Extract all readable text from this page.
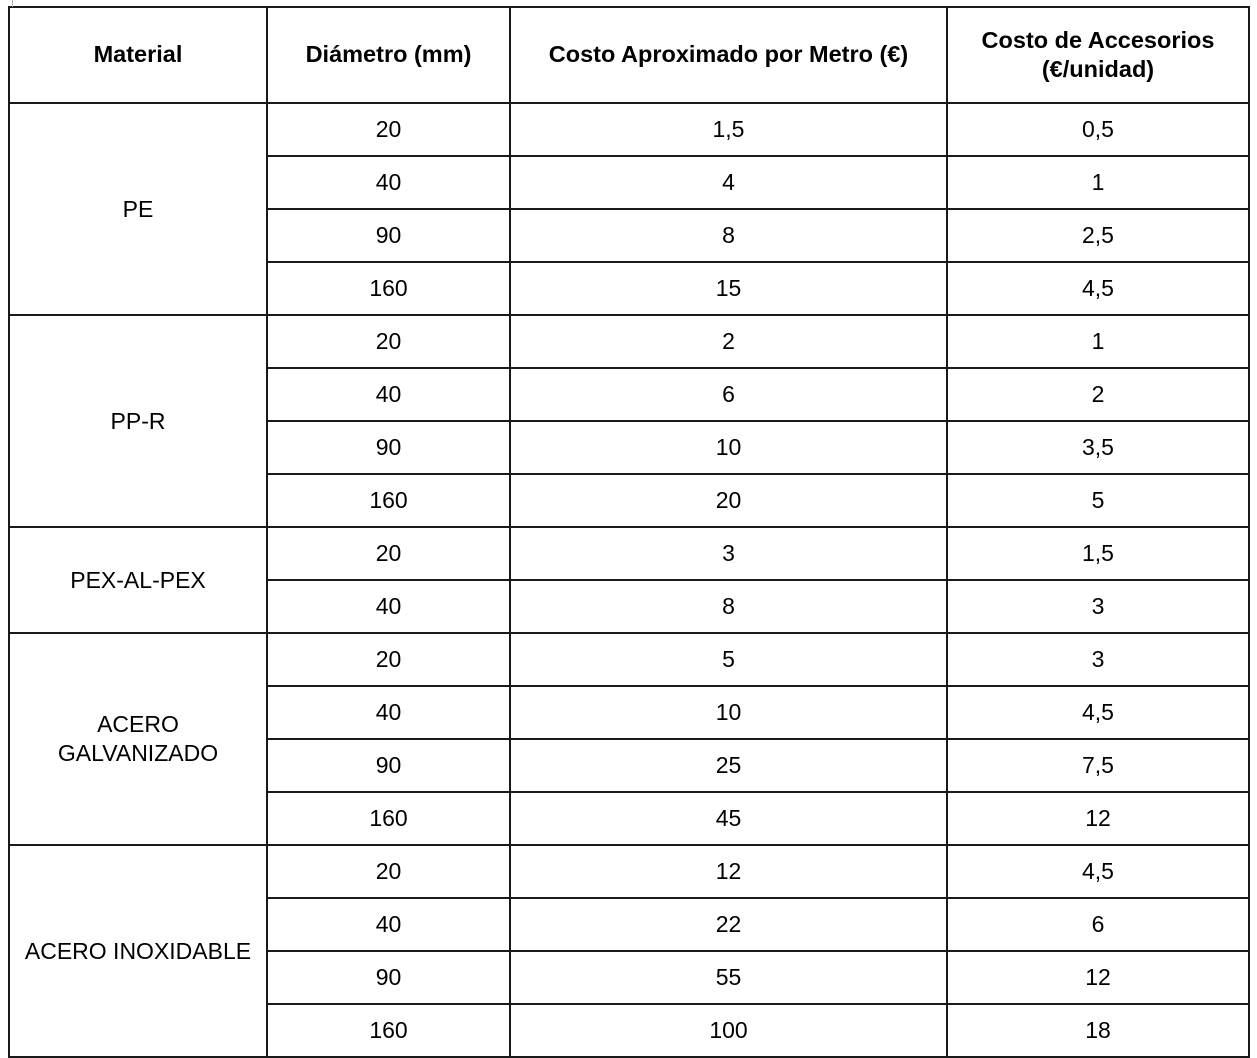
Material	Diámetro (mm)	Costo Aproximado por Metro (€)	Costo de Accesorios (€/unidad)
PE	20	1,5	0,5
	40	4	1
	90	8	2,5
	160	15	4,5
PP-R	20	2	1
	40	6	2
	90	10	3,5
	160	20	5
PEX-AL-PEX	20	3	1,5
	40	8	3
ACERO GALVANIZADO	20	5	3
	40	10	4,5
	90	25	7,5
	160	45	12
ACERO INOXIDABLE	20	12	4,5
	40	22	6
	90	55	12
	160	100	18
